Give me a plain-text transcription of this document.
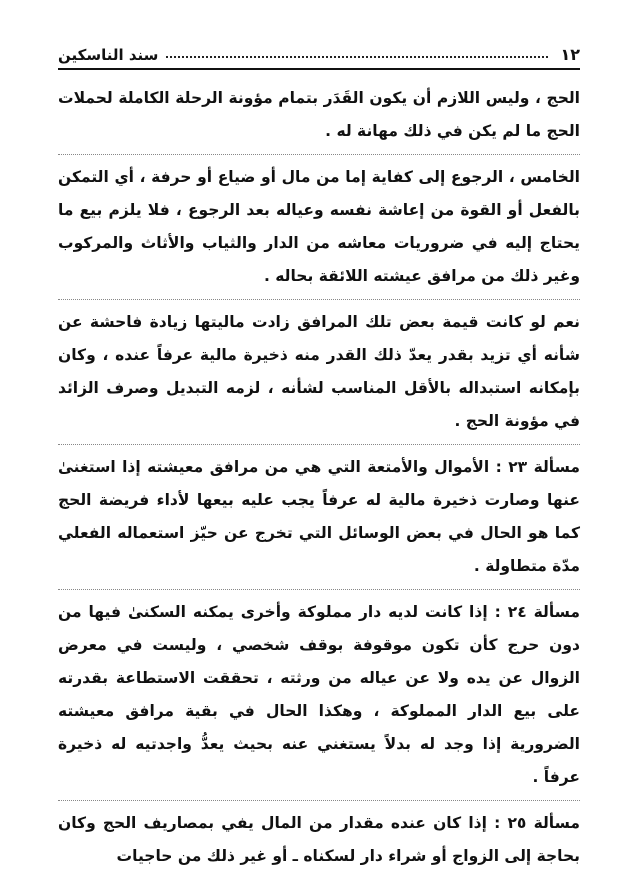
١٢
سند الناسكين

الحج ، وليس اللازم أن يكون القَدَر بتمام مؤونة الرحلة الكاملة لحملات الحج ما لم يكن في ذلك مهانة له .

الخامس ، الرجوع إلى كفاية إما من مال أو ضياع أو حرفة ، أي التمكن بالفعل أو القوة من إعاشة نفسه وعياله بعد الرجوع ، فلا يلزم بيع ما يحتاج إليه في ضروريات معاشه من الدار والثياب والأثاث والمركوب وغير ذلك من مرافق عيشته اللائقة بحاله .

نعم لو كانت قيمة بعض تلك المرافق زادت ماليتها زيادة فاحشة عن شأنه أي تزيد بقدر يعدّ ذلك القدر منه ذخيرة مالية عرفاً عنده ، وكان بإمكانه استبداله بالأقل المناسب لشأنه ، لزمه التبديل وصرف الزائد في مؤونة الحج .

مسألة ٢٣ : الأموال والأمتعة التي هي من مرافق معيشته إذا استغنىٰ عنها وصارت ذخيرة مالية له عرفاً يجب عليه بيعها لأداء فريضة الحج كما هو الحال في بعض الوسائل التي تخرج عن حيّز استعماله الفعلي مدّة متطاولة .

مسألة ٢٤ : إذا كانت لديه دار مملوكة وأخرى يمكنه السكنىٰ فيها من دون حرج كأن تكون موقوفة بوقف شخصي ، وليست في معرض الزوال عن يده ولا عن عياله من ورثته ، تحققت الاستطاعة بقدرته على بيع الدار المملوكة ، وهكذا الحال في بقية مرافق معيشته الضرورية إذا وجد له بدلاً يستغني عنه بحيث يعدُّ واجدتيه له ذخيرة عرفاً .

مسألة ٢٥ : إذا كان عنده مقدار من المال يفي بمصاريف الحج وكان بحاجة إلى الزواج أو شراء دار لسكناه ـ أو غير ذلك من حاجيات
